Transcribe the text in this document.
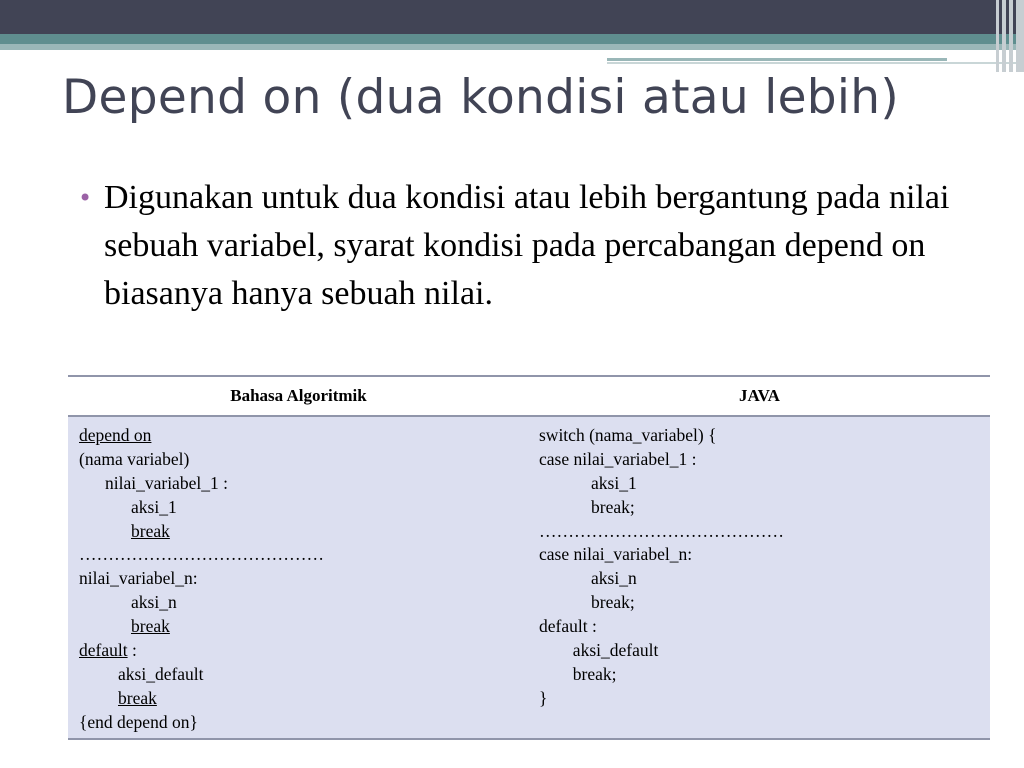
Depend on (dua kondisi atau lebih)
• Digunakan untuk dua kondisi atau lebih bergantung pada nilai sebuah variabel, syarat kondisi pada percabangan depend on biasanya hanya sebuah nilai.
Bahasa Algoritmik	JAVA
depend on
(nama variabel)
nilai_variabel_1 :
aksi_1
break
……………………………………
nilai_variabel_n:
aksi_n
break
default :
aksi_default
break
{end depend on}
switch (nama_variabel) {
case nilai_variabel_1 :
aksi_1
break;
……………………………………
case nilai_variabel_n:
aksi_n
break;
default :
aksi_default
break;
}
